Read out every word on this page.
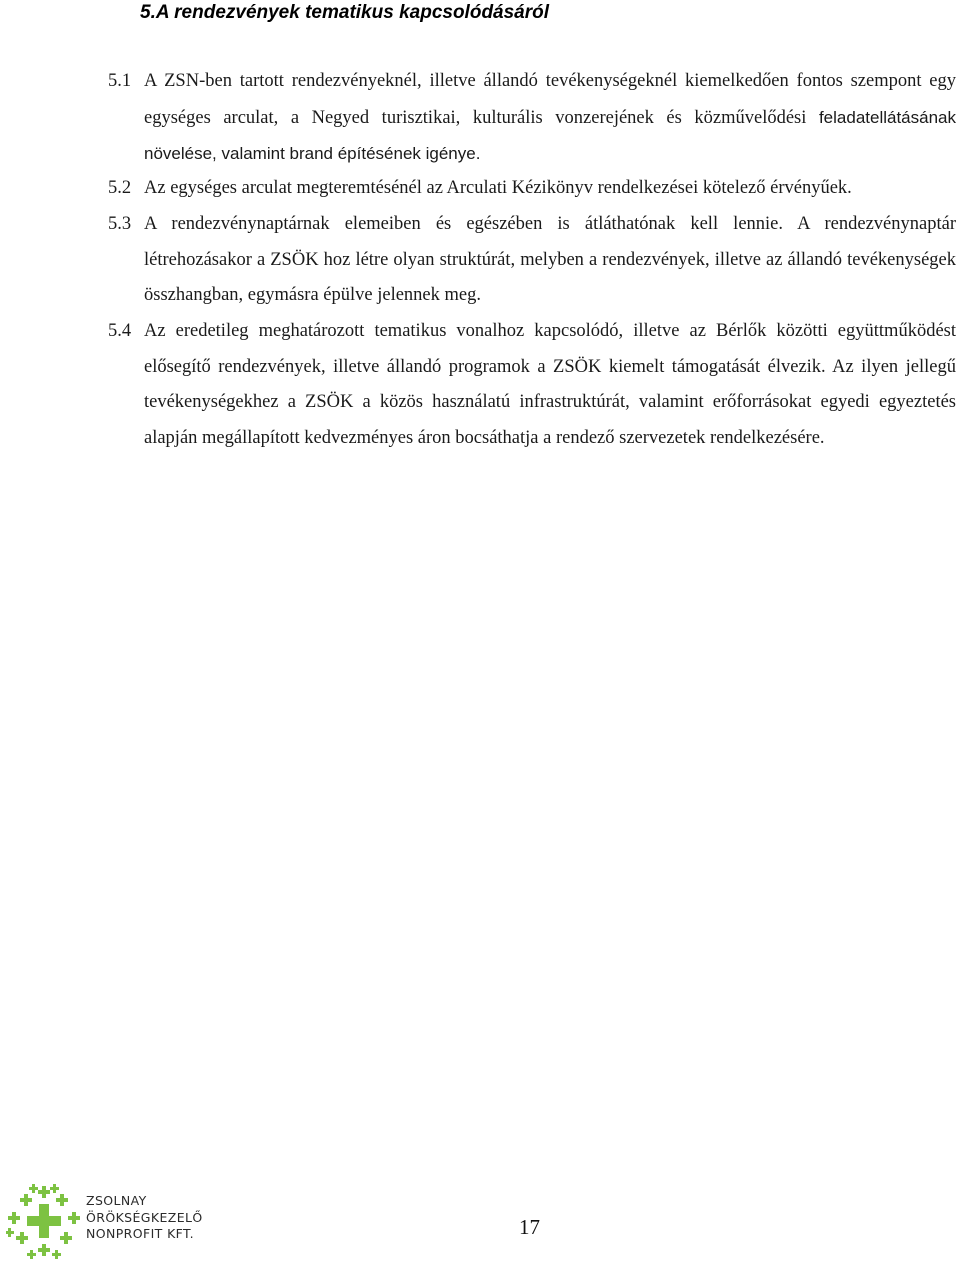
5.A rendezvények tematikus kapcsolódásáról
5.1 A ZSN-ben tartott rendezvényeknél, illetve állandó tevékenységeknél kiemelkedően fontos szempont egy egységes arculat, a Negyed turisztikai, kulturális vonzerejének és közművelődési feladatellátásának növelése, valamint brand építésének igénye.
5.2 Az egységes arculat megteremtésénél az Arculati Kézikönyv rendelkezései kötelező érvényűek.
5.3 A rendezvénynaptárnak elemeiben és egészében is átláthatónak kell lennie. A rendezvénynaptár létrehozásakor a ZSÖK hoz létre olyan struktúrát, melyben a rendezvények, illetve az állandó tevékenységek összhangban, egymásra épülve jelennek meg.
5.4 Az eredetileg meghatározott tematikus vonalhoz kapcsolódó, illetve az Bérlők közötti együttműködést elősegítő rendezvények, illetve állandó programok a ZSÖK kiemelt támogatását élvezik. Az ilyen jellegű tevékenységekhez a ZSÖK a közös használatú infrastruktúrát, valamint erőforrásokat egyedi egyeztetés alapján megállapított kedvezményes áron bocsáthatja a rendező szervezetek rendelkezésére.
ZSOLNAY
ÖRÖKSÉGKEZELŐ
NONPROFIT KFT.	17
